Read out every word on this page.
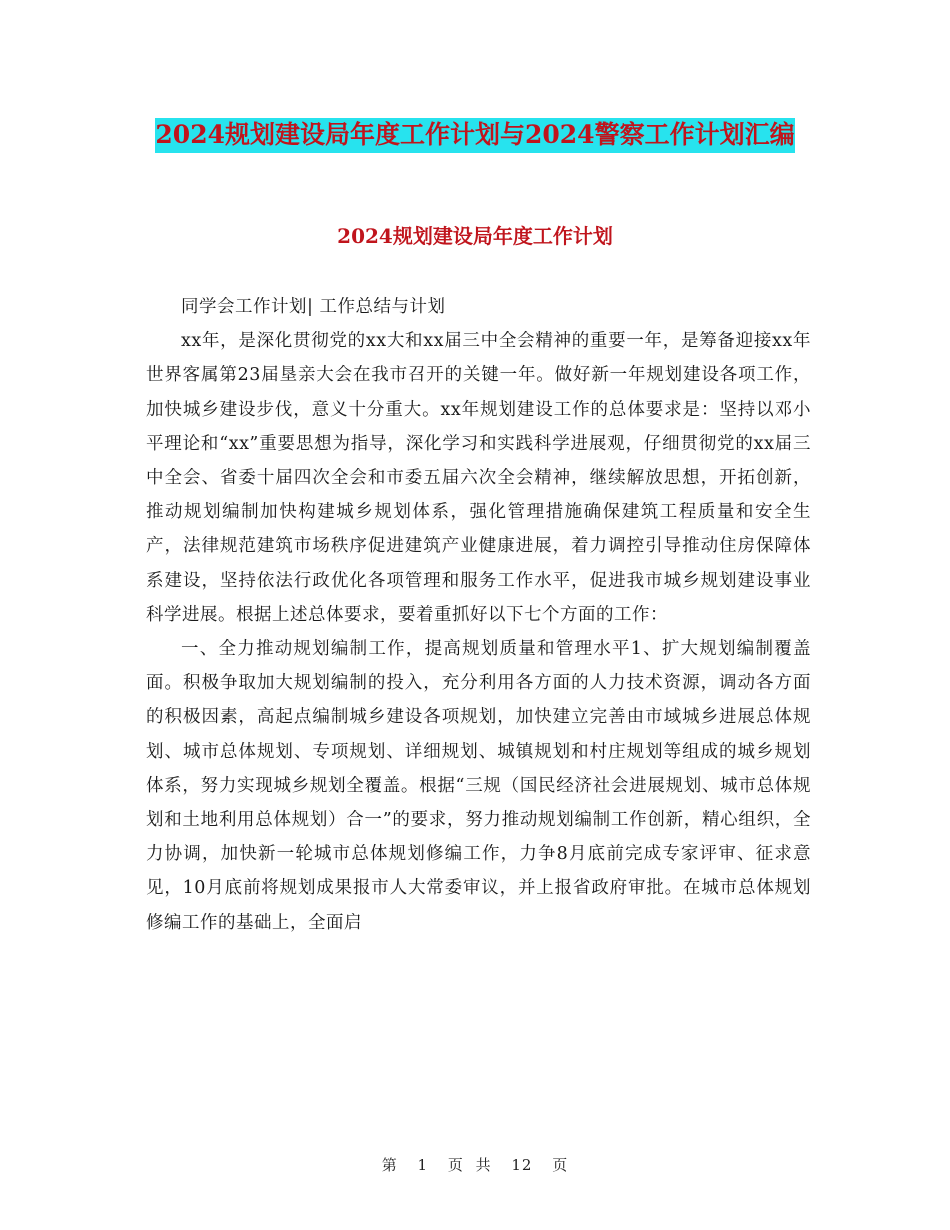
2024规划建设局年度工作计划与2024警察工作计划汇编
2024规划建设局年度工作计划

同学会工作计划| 工作总结与计划

xx年，是深化贯彻党的xx大和xx届三中全会精神的重要一年，是筹备迎接xx年世界客属第23届垦亲大会在我市召开的关键一年。做好新一年规划建设各项工作，加快城乡建设步伐，意义十分重大。xx年规划建设工作的总体要求是：坚持以邓小平理论和“xx”重要思想为指导，深化学习和实践科学进展观，仔细贯彻党的xx届三中全会、省委十届四次全会和市委五届六次全会精神，继续解放思想，开拓创新，推动规划编制加快构建城乡规划体系，强化管理措施确保建筑工程质量和安全生产，法律规范建筑市场秩序促进建筑产业健康进展，着力调控引导推动住房保障体系建设，坚持依法行政优化各项管理和服务工作水平，促进我市城乡规划建设事业科学进展。根据上述总体要求，要着重抓好以下七个方面的工作：

一、全力推动规划编制工作，提高规划质量和管理水平1、扩大规划编制覆盖面。积极争取加大规划编制的投入，充分利用各方面的人力技术资源，调动各方面的积极因素，高起点编制城乡建设各项规划，加快建立完善由市域城乡进展总体规划、城市总体规划、专项规划、详细规划、城镇规划和村庄规划等组成的城乡规划体系，努力实现城乡规划全覆盖。根据“三规（国民经济社会进展规划、城市总体规划和土地利用总体规划）合一”的要求，努力推动规划编制工作创新，精心组织，全力协调，加快新一轮城市总体规划修编工作，力争8月底前完成专家评审、征求意见，10月底前将规划成果报市人大常委审议，并上报省政府审批。在城市总体规划修编工作的基础上，全面启

第 1 页 共 12 页
